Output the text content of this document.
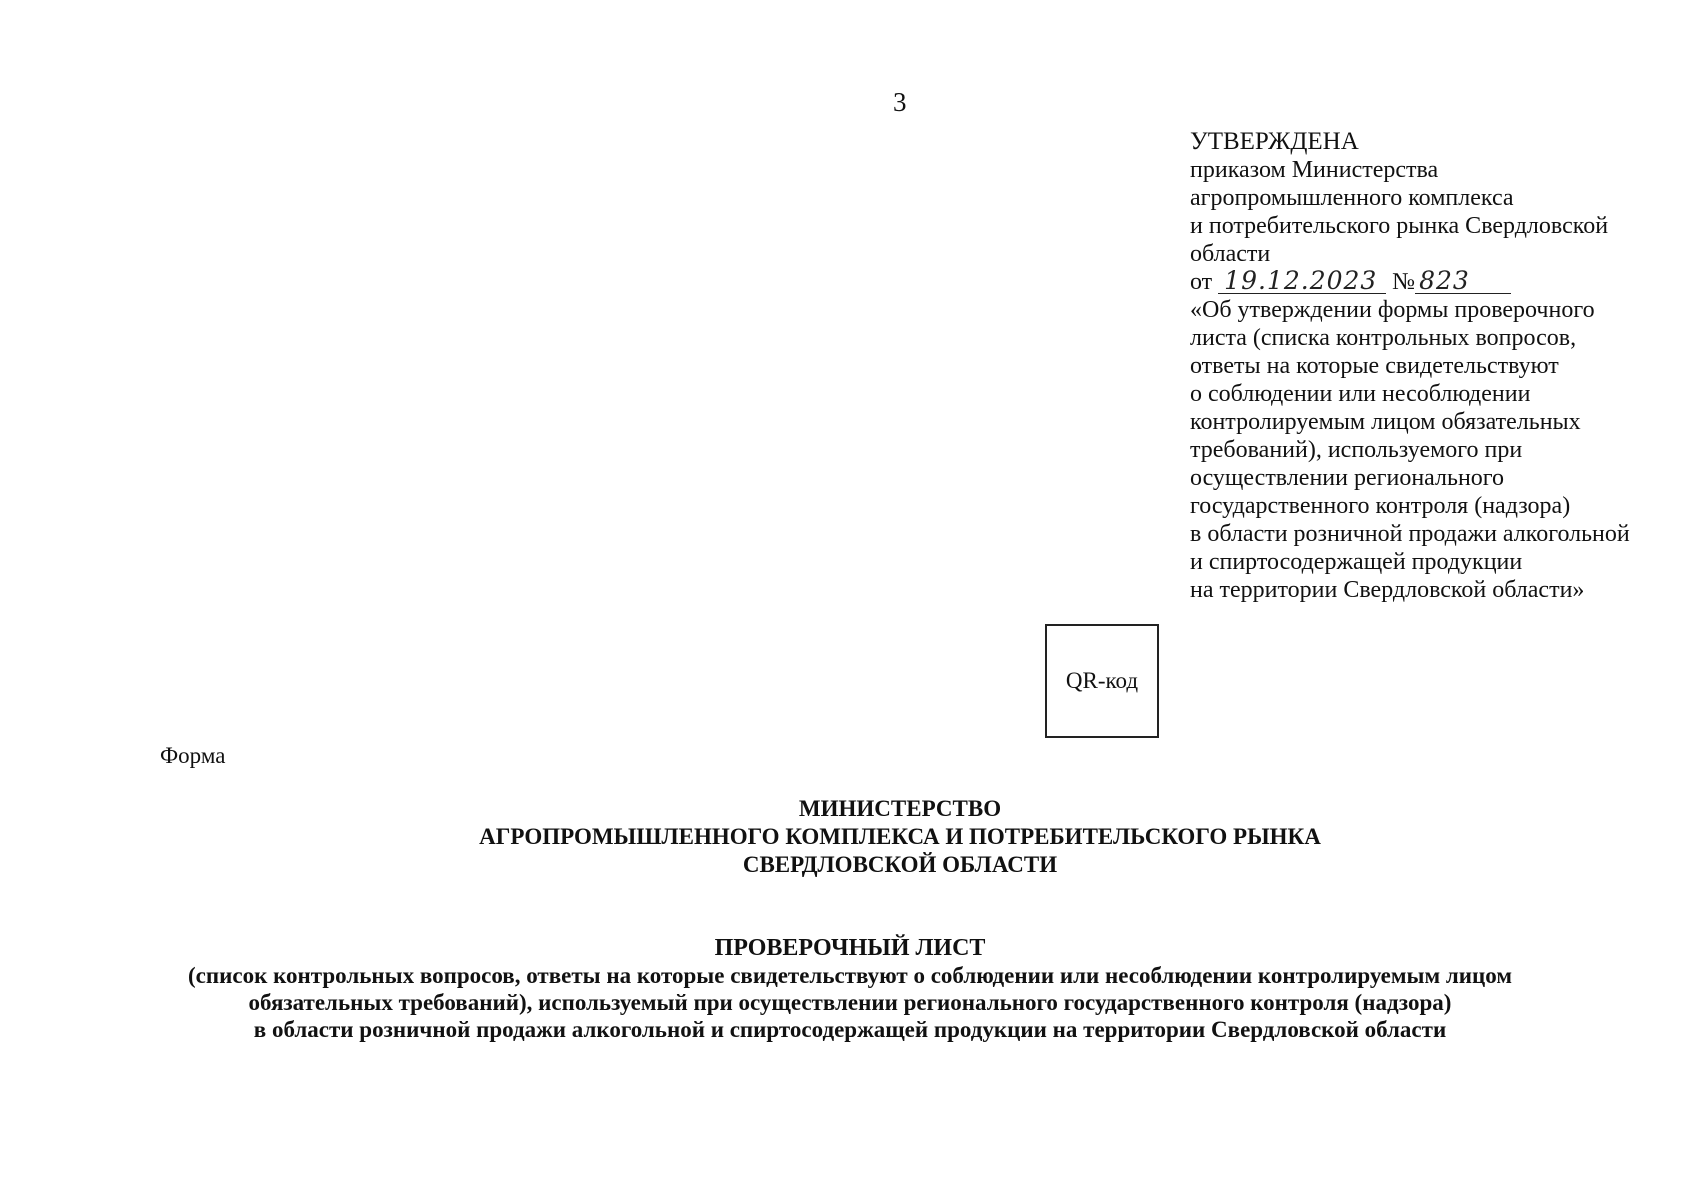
3
УТВЕРЖДЕНА
приказом Министерства
агропромышленного комплекса
и потребительского рынка Свердловской
области
от 19.12.2023 № 823
«Об утверждении формы проверочного
листа (списка контрольных вопросов,
ответы на которые свидетельствуют
о соблюдении или несоблюдении
контролируемым лицом обязательных
требований), используемого при
осуществлении регионального
государственного контроля (надзора)
в области розничной продажи алкогольной
и спиртосодержащей продукции
на территории Свердловской области»
QR-код
Форма
МИНИСТЕРСТВО
АГРОПРОМЫШЛЕННОГО КОМПЛЕКСА И ПОТРЕБИТЕЛЬСКОГО РЫНКА
СВЕРДЛОВСКОЙ ОБЛАСТИ
ПРОВЕРОЧНЫЙ ЛИСТ
(список контрольных вопросов, ответы на которые свидетельствуют о соблюдении или несоблюдении контролируемым лицом
обязательных требований), используемый при осуществлении регионального государственного контроля (надзора)
в области розничной продажи алкогольной и спиртосодержащей продукции на территории Свердловской области
